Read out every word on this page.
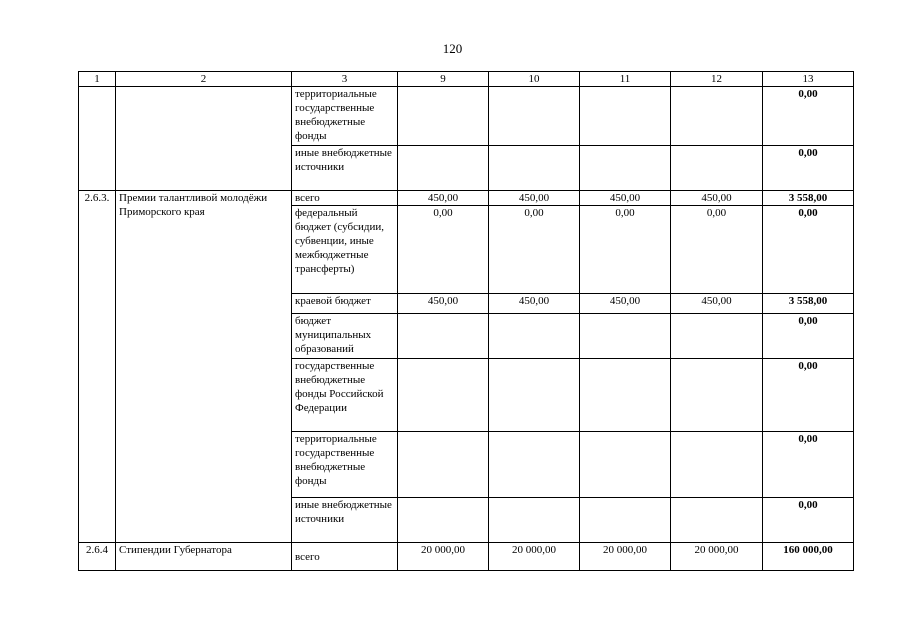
120
1	2	3	9	10	11	12	13
		территориальные государственные внебюджетные фонды					0,00
		иные внебюджетные источники					0,00
2.6.3.	Премии талантливой молодёжи Приморского края	всего	450,00	450,00	450,00	450,00	3 558,00
		федеральный бюджет (субсидии, субвенции, иные межбюджетные трансферты)	0,00	0,00	0,00	0,00	0,00
		краевой бюджет	450,00	450,00	450,00	450,00	3 558,00
		бюджет муниципальных образований					0,00
		государственные внебюджетные фонды Российской Федерации					0,00
		территориальные государственные внебюджетные фонды					0,00
		иные внебюджетные источники					0,00
2.6.4	Стипендии Губернатора	всего	20 000,00	20 000,00	20 000,00	20 000,00	160 000,00
